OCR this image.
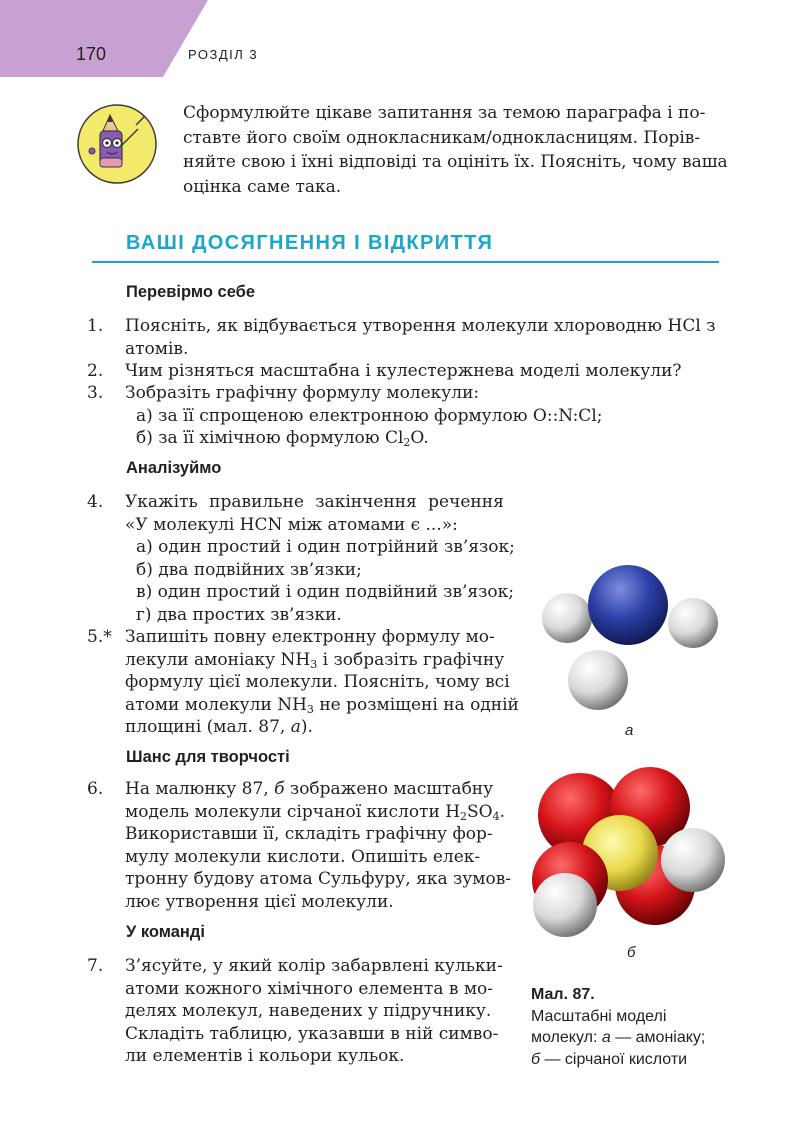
170	РОЗДІЛ 3
Сформулюйте цікаве запитання за темою параграфа і по-
ставте його своїм однокласникам/однокласницям. Порів-
няйте свою і їхні відповіді та оцініть їх. Поясніть, чому ваша
оцінка саме така.
ВАШІ ДОСЯГНЕННЯ І ВІДКРИТТЯ
Перевірмо себе
1. Поясніть, як відбувається утворення молекули хлороводню HCl з
атомів.
2. Чим різняться масштабна і кулестержнева моделі молекули?
3. Зобразіть графічну формулу молекули:
а) за її спрощеною електронною формулою O::N:Cl;
б) за її хімічною формулою $Cl_2O$.
Аналізуймо
4. Укажіть правильне закінчення речення
«У молекулі HCN між атомами є ...»:
а) один простий і один потрійний зв’язок;
б) два подвійних зв’язки;
в) один простий і один подвійний зв’язок;
г) два простих зв’язки.
5.* Запишіть повну електронну формулу мо-
лекули амоніаку $NH_3$ і зобразіть графічну
формулу цієї молекули. Поясніть, чому всі
атоми молекули $NH_3$ не розміщені на одній
площині (мал. 87, а).
Шанс для творчості
6. На малюнку 87, б зображено масштабну
модель молекули сірчаної кислоти $H_2SO_4$.
Використавши її, складіть графічну фор-
мулу молекули кислоти. Опишіть елек-
тронну будову атома Сульфуру, яка зумов-
лює утворення цієї молекули.
У команді
7. З’ясуйте, у який колір забарвлені кульки-
атоми кожного хімічного елемента в мо-
делях молекул, наведених у підручнику.
Складіть таблицю, указавши в ній симво-
ли елементів і кольори кульок.
а
б
Мал. 87.
Масштабні моделі
молекул: а — амоніаку;
б — сірчаної кислоти
